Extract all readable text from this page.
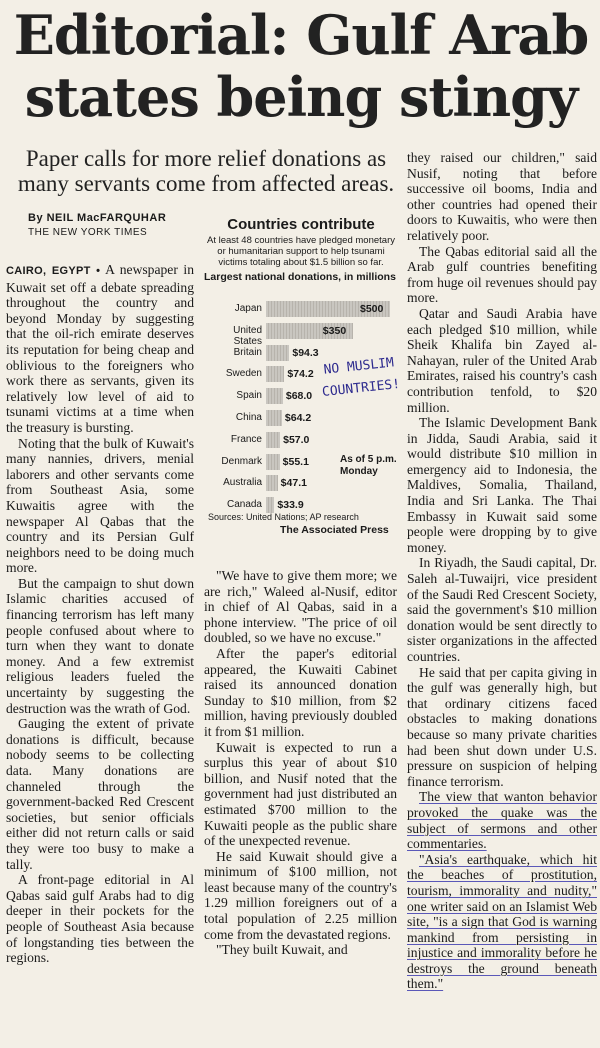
Editorial: Gulf Arab states being stingy
Paper calls for more relief donations as many servants come from affected areas.
By NEIL MacFARQUHAR
THE NEW YORK TIMES

CAIRO, EGYPT • A newspaper in Kuwait set off a debate spreading throughout the country and beyond Monday by suggesting that the oil-rich emirate deserves its reputation for being cheap and oblivious to the foreigners who work there as servants, given its relatively low level of aid to tsunami victims at a time when the treasury is bursting.

Noting that the bulk of Kuwait's many nannies, drivers, menial laborers and other servants come from Southeast Asia, some Kuwaitis agree with the newspaper Al Qabas that the country and its Persian Gulf neighbors need to be doing much more.

But the campaign to shut down Islamic charities accused of financing terrorism has left many people confused about where to turn when they want to donate money. And a few extremist religious leaders fueled the uncertainty by suggesting the destruction was the wrath of God.

Gauging the extent of private donations is difficult, because nobody seems to be collecting data. Many donations are channeled through the government-backed Red Crescent societies, but senior officials either did not return calls or said they were too busy to make a tally.

A front-page editorial in Al Qabas said gulf Arabs had to dig deeper in their pockets for the people of Southeast Asia because of longstanding ties between the regions.

Countries contribute
At least 48 countries have pledged monetary or humanitarian support to help tsunami victims totaling about $1.5 billion so far.
Largest national donations, in millions
Japan	$500
United States
$350
Britain	$94.3
Sweden $74.2
Spain $68.0
China $64.2
France $57.0
Denmark $55.1
Australia $47.1
Canada $33.9
As of 5 p.m. Monday
Sources: United Nations; AP research
The Associated Press
NO MUSLIM COUNTRIES!

"We have to give them more; we are rich," Waleed al-Nusif, editor in chief of Al Qabas, said in a phone interview. "The price of oil doubled, so we have no excuse."

After the paper's editorial appeared, the Kuwaiti Cabinet raised its announced donation Sunday to $10 million, from $2 million, having previously doubled it from $1 million.

Kuwait is expected to run a surplus this year of about $10 billion, and Nusif noted that the government had just distributed an estimated $700 million to the Kuwaiti people as the public share of the unexpected revenue.

He said Kuwait should give a minimum of $100 million, not least because many of the country's 1.29 million foreigners out of a total population of 2.25 million come from the devastated regions.

"They built Kuwait, and

they raised our children," said Nusif, noting that before successive oil booms, India and other countries had opened their doors to Kuwaitis, who were then relatively poor.

The Qabas editorial said all the Arab gulf countries benefiting from huge oil revenues should pay more.

Qatar and Saudi Arabia have each pledged $10 million, while Sheik Khalifa bin Zayed al-Nahayan, ruler of the United Arab Emirates, raised his country's cash contribution tenfold, to $20 million.

The Islamic Development Bank in Jidda, Saudi Arabia, said it would distribute $10 million in emergency aid to Indonesia, the Maldives, Somalia, Thailand, India and Sri Lanka. The Thai Embassy in Kuwait said some people were dropping by to give money.

In Riyadh, the Saudi capital, Dr. Saleh al-Tuwaijri, vice president of the Saudi Red Crescent Society, said the government's $10 million donation would be sent directly to sister organizations in the affected countries.

He said that per capita giving in the gulf was generally high, but that ordinary citizens faced obstacles to making donations because so many private charities had been shut down under U.S. pressure on suspicion of helping finance terrorism.

The view that wanton behavior provoked the quake was the subject of sermons and other commentaries.

"Asia's earthquake, which hit the beaches of prostitution, tourism, immorality and nudity," one writer said on an Islamist Web site, "is a sign that God is warning mankind from persisting in injustice and immorality before he destroys the ground beneath them."
